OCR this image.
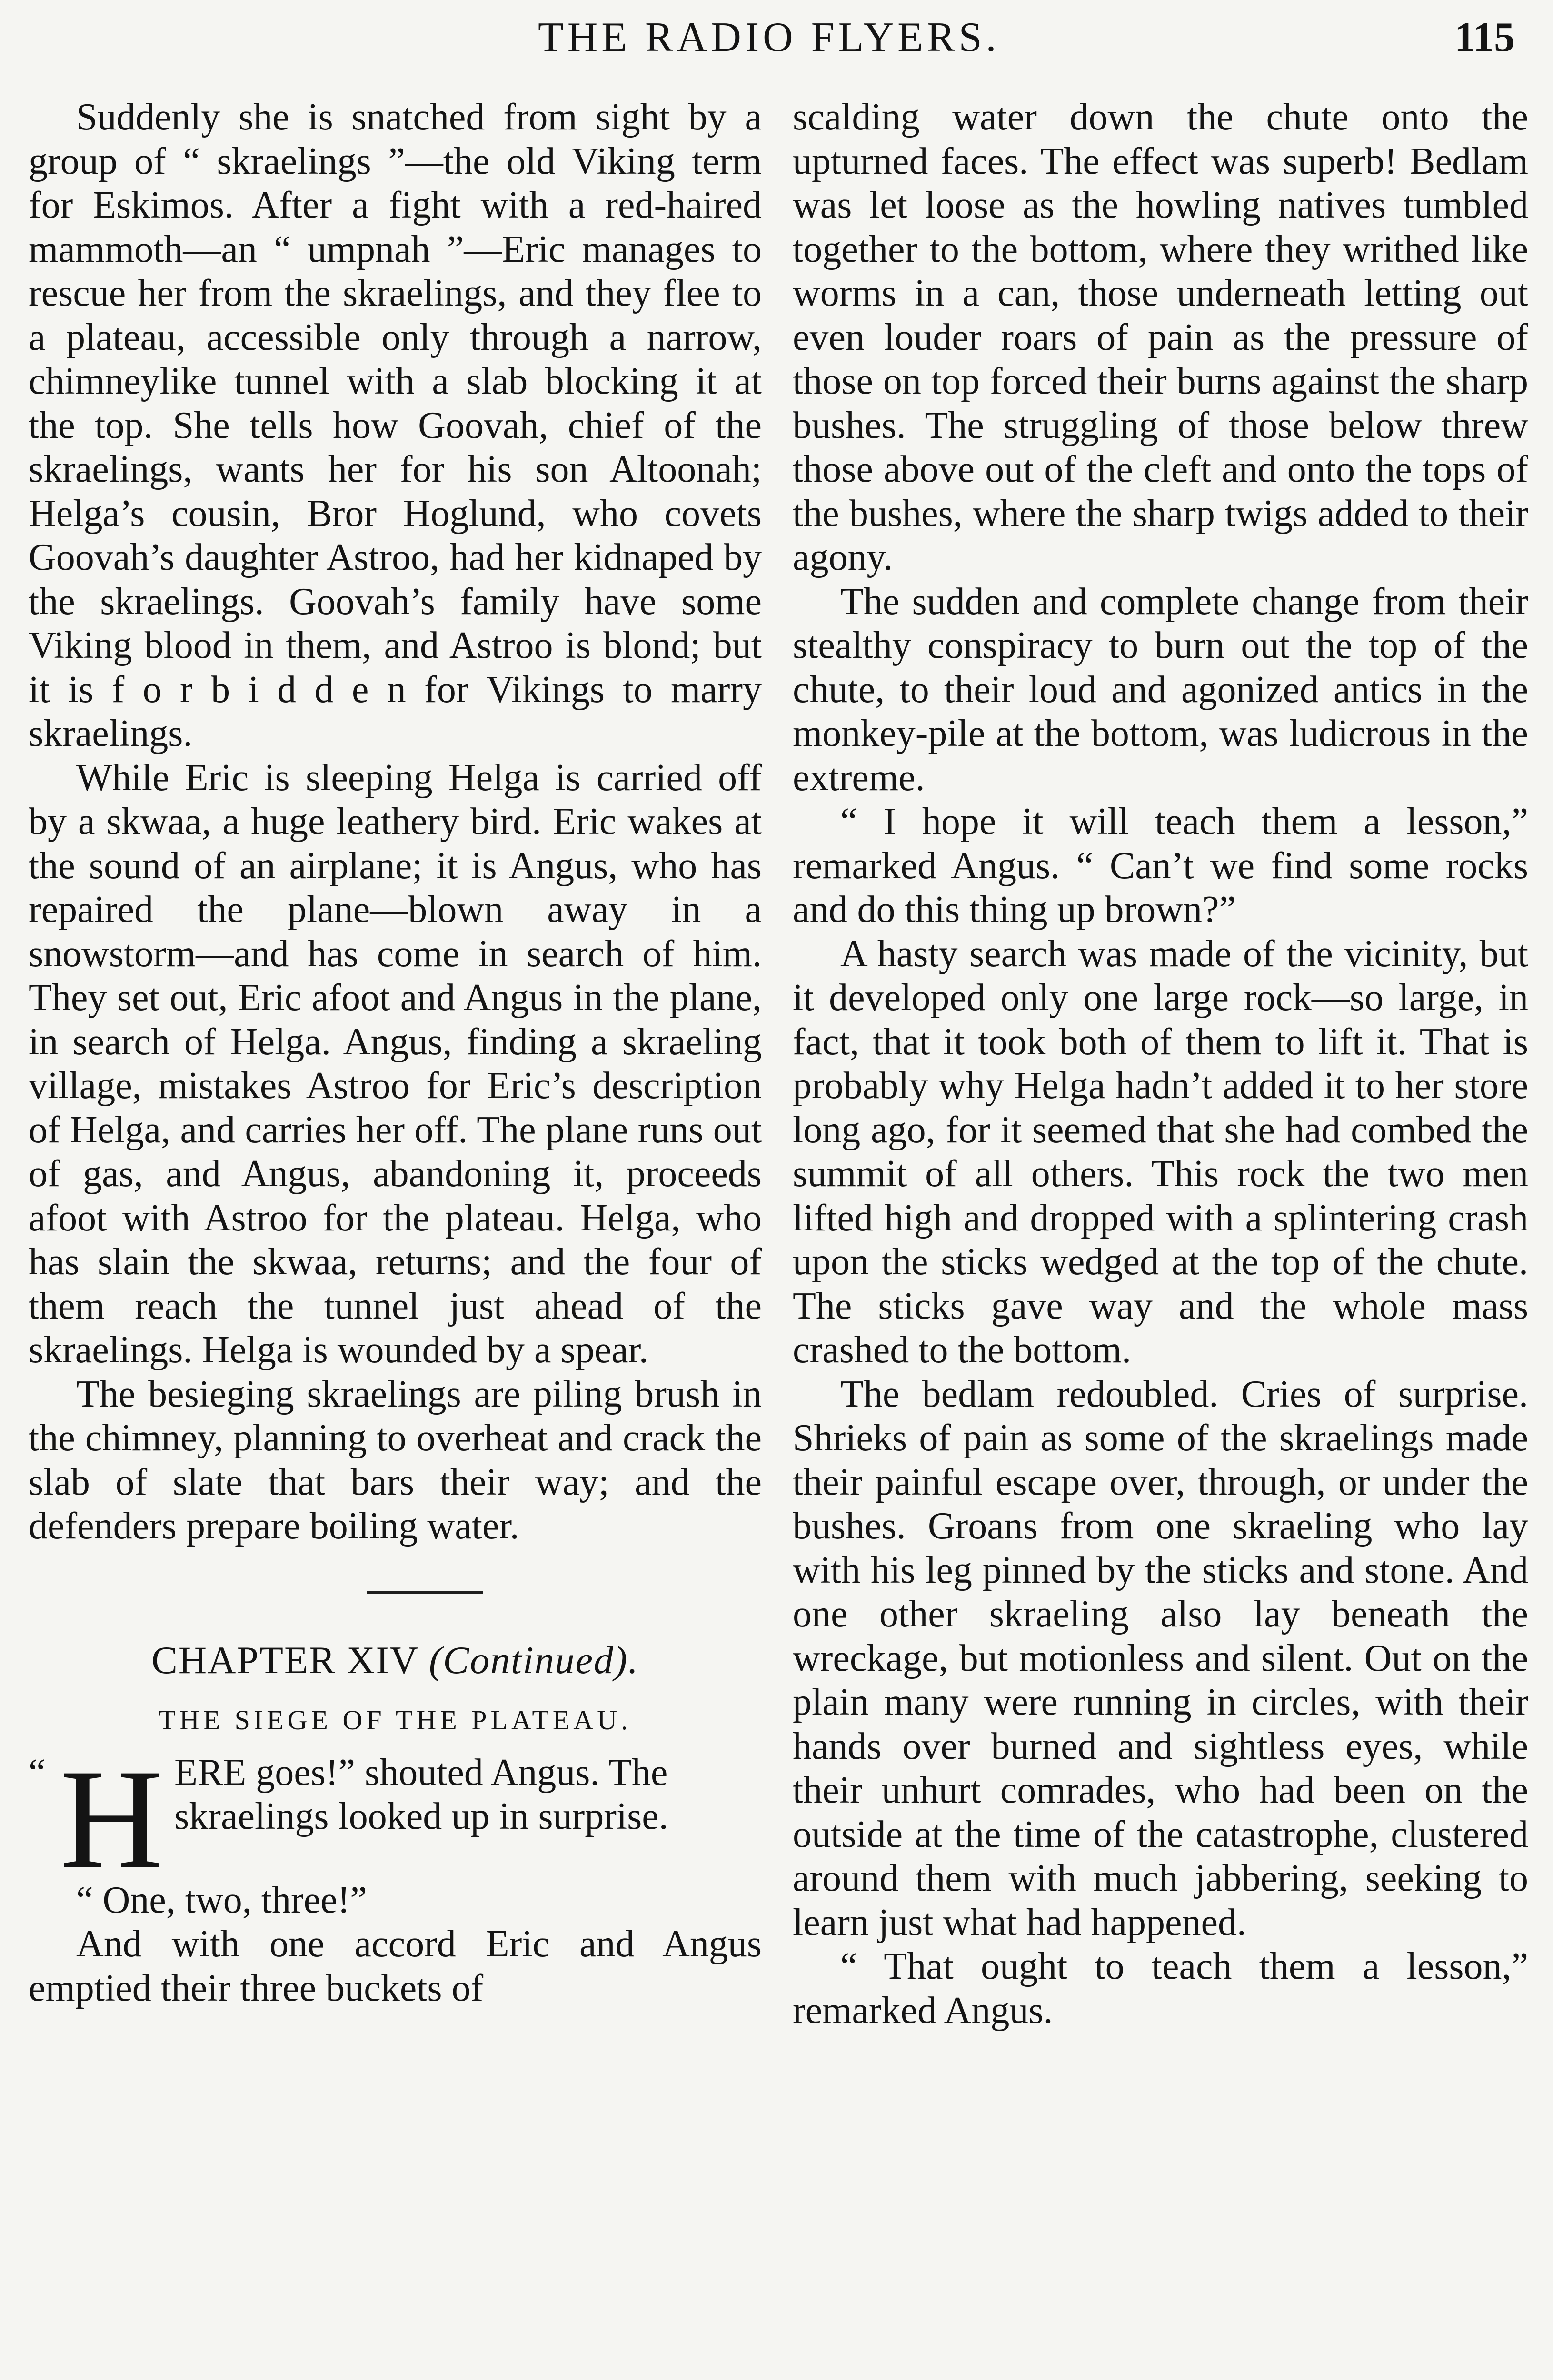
THE RADIO FLYERS.	115

Suddenly she is snatched from sight by a group of “ skraelings ”—the old Viking term for Eskimos. After a fight with a red-haired mammoth—an “ umpnah ”—Eric manages to rescue her from the skraelings, and they flee to a plateau, accessible only through a narrow, chimneylike tunnel with a slab blocking it at the top. She tells how Goovah, chief of the skraelings, wants her for his son Altoonah; Helga’s cousin, Bror Hoglund, who covets Goovah’s daughter Astroo, had her kidnaped by the skraelings. Goovah’s family have some Viking blood in them, and Astroo is blond; but it is f o r b i d d e n for Vikings to marry skraelings.

While Eric is sleeping Helga is carried off by a skwaa, a huge leathery bird. Eric wakes at the sound of an airplane; it is Angus, who has repaired the plane—blown away in a snowstorm—and has come in search of him. They set out, Eric afoot and Angus in the plane, in search of Helga. Angus, finding a skraeling village, mistakes Astroo for Eric’s description of Helga, and carries her off. The plane runs out of gas, and Angus, abandoning it, proceeds afoot with Astroo for the plateau. Helga, who has slain the skwaa, returns; and the four of them reach the tunnel just ahead of the skraelings. Helga is wounded by a spear.

The besieging skraelings are piling brush in the chimney, planning to overheat and crack the slab of slate that bars their way; and the defenders prepare boiling water.

CHAPTER XIV (Continued).

THE SIEGE OF THE PLATEAU.

“ H ERE goes!” shouted Angus. The skraelings looked up in surprise.

“ One, two, three!”

And with one accord Eric and Angus emptied their three buckets of

scalding water down the chute onto the upturned faces. The effect was superb! Bedlam was let loose as the howling natives tumbled together to the bottom, where they writhed like worms in a can, those underneath letting out even louder roars of pain as the pressure of those on top forced their burns against the sharp bushes. The struggling of those below threw those above out of the cleft and onto the tops of the bushes, where the sharp twigs added to their agony.

The sudden and complete change from their stealthy conspiracy to burn out the top of the chute, to their loud and agonized antics in the monkey-pile at the bottom, was ludicrous in the extreme.

“ I hope it will teach them a lesson,” remarked Angus. “ Can’t we find some rocks and do this thing up brown?”

A hasty search was made of the vicinity, but it developed only one large rock—so large, in fact, that it took both of them to lift it. That is probably why Helga hadn’t added it to her store long ago, for it seemed that she had combed the summit of all others. This rock the two men lifted high and dropped with a splintering crash upon the sticks wedged at the top of the chute. The sticks gave way and the whole mass crashed to the bottom.

The bedlam redoubled. Cries of surprise. Shrieks of pain as some of the skraelings made their painful escape over, through, or under the bushes. Groans from one skraeling who lay with his leg pinned by the sticks and stone. And one other skraeling also lay beneath the wreckage, but motionless and silent. Out on the plain many were running in circles, with their hands over burned and sightless eyes, while their unhurt comrades, who had been on the outside at the time of the catastrophe, clustered around them with much jabbering, seeking to learn just what had happened.

“ That ought to teach them a lesson,” remarked Angus.
